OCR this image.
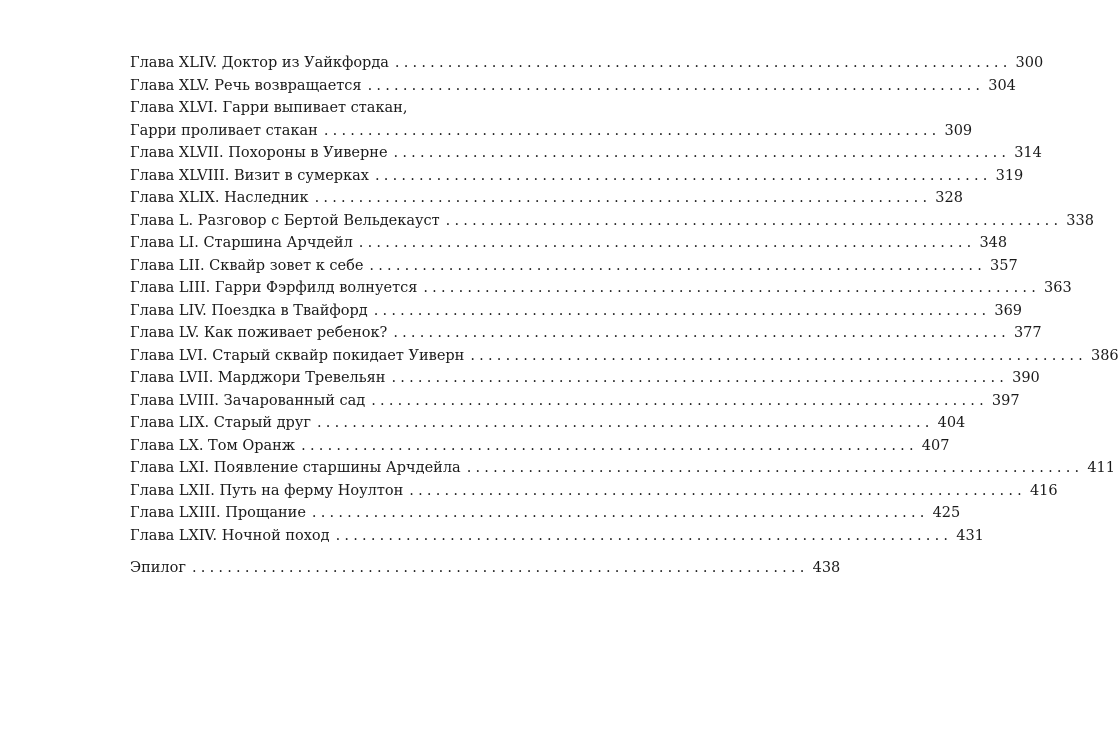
Глава XLIV. Доктор из Уайкфорда ...................................................................... 300
Глава XLV. Речь возвращается ...................................................................... 304
Глава XLVI. Гарри выпивает стакан,
Гарри проливает стакан ...................................................................... 309
Глава XLVII. Похороны в Уиверне ...................................................................... 314
Глава XLVIII. Визит в сумерках ...................................................................... 319
Глава XLIX. Наследник ...................................................................... 328
Глава L. Разговор с Бертой Вельдекауст ...................................................................... 338
Глава LI. Старшина Арчдейл ...................................................................... 348
Глава LII. Сквайр зовет к себе ...................................................................... 357
Глава LIII. Гарри Фэрфилд волнуется ...................................................................... 363
Глава LIV. Поездка в Твайфорд ...................................................................... 369
Глава LV. Как поживает ребенок? ...................................................................... 377
Глава LVI. Старый сквайр покидает Уиверн ...................................................................... 386
Глава LVII. Марджори Тревельян ...................................................................... 390
Глава LVIII. Зачарованный сад ...................................................................... 397
Глава LIX. Старый друг ...................................................................... 404
Глава LX. Том Оранж ...................................................................... 407
Глава LXI. Появление старшины Арчдейла ...................................................................... 411
Глава LXII. Путь на ферму Ноултон ...................................................................... 416
Глава LXIII. Прощание ...................................................................... 425
Глава LXIV. Ночной поход ...................................................................... 431
Эпилог ...................................................................... 438
